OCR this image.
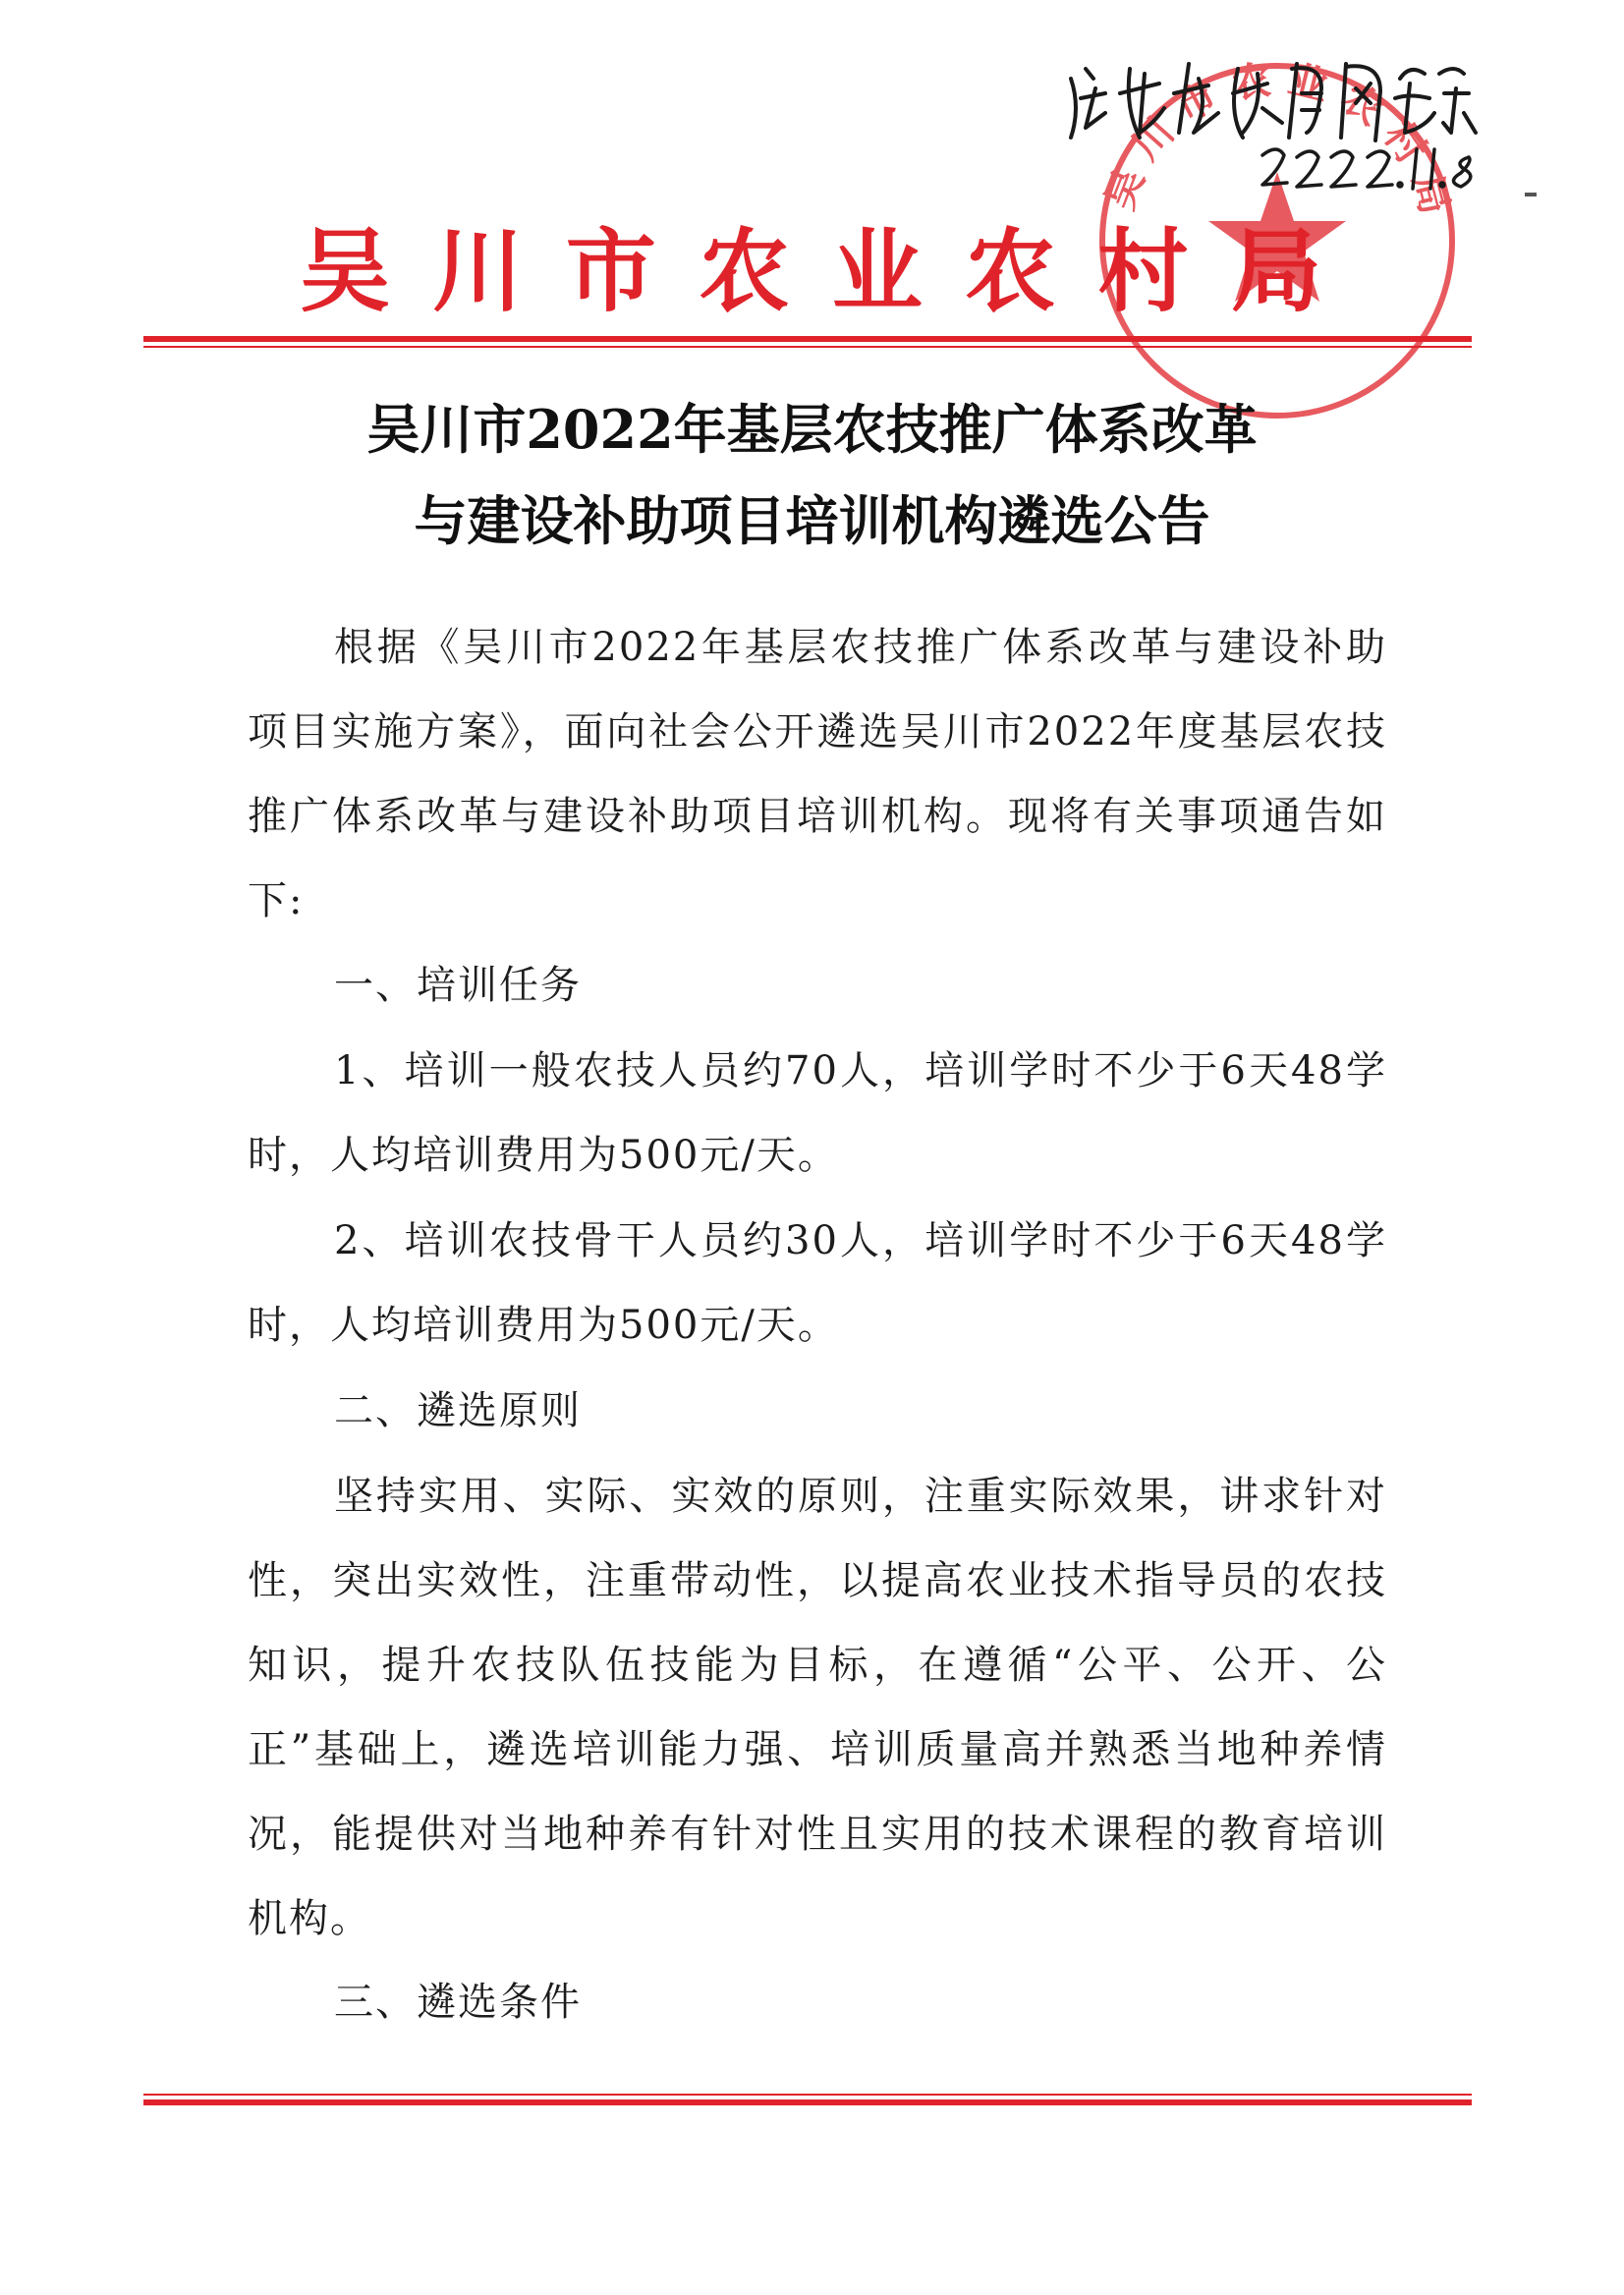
吴川市农业农村局
吴 川 市 农 业 农 村 局
吴川市2022年基层农技推广体系改革
与建设补助项目培训机构遴选公告

根据《吴川市2022年基层农技推广体系改革与建设补助项目实施方案》，面向社会公开遴选吴川市2022年度基层农技推广体系改革与建设补助项目培训机构。现将有关事项通告如下:

一、培训任务

1、培训一般农技人员约70人，培训学时不少于6天48学时，人均培训费用为500元/天。

2、培训农技骨干人员约30人，培训学时不少于6天48学时，人均培训费用为500元/天。

二、遴选原则

坚持实用、实际、实效的原则，注重实际效果，讲求针对性，突出实效性，注重带动性，以提高农业技术指导员的农技知识，提升农技队伍技能为目标，在遵循“公平、公开、公正”基础上，遴选培训能力强、培训质量高并熟悉当地种养情况，能提供对当地种养有针对性且实用的技术课程的教育培训机构。

三、遴选条件
